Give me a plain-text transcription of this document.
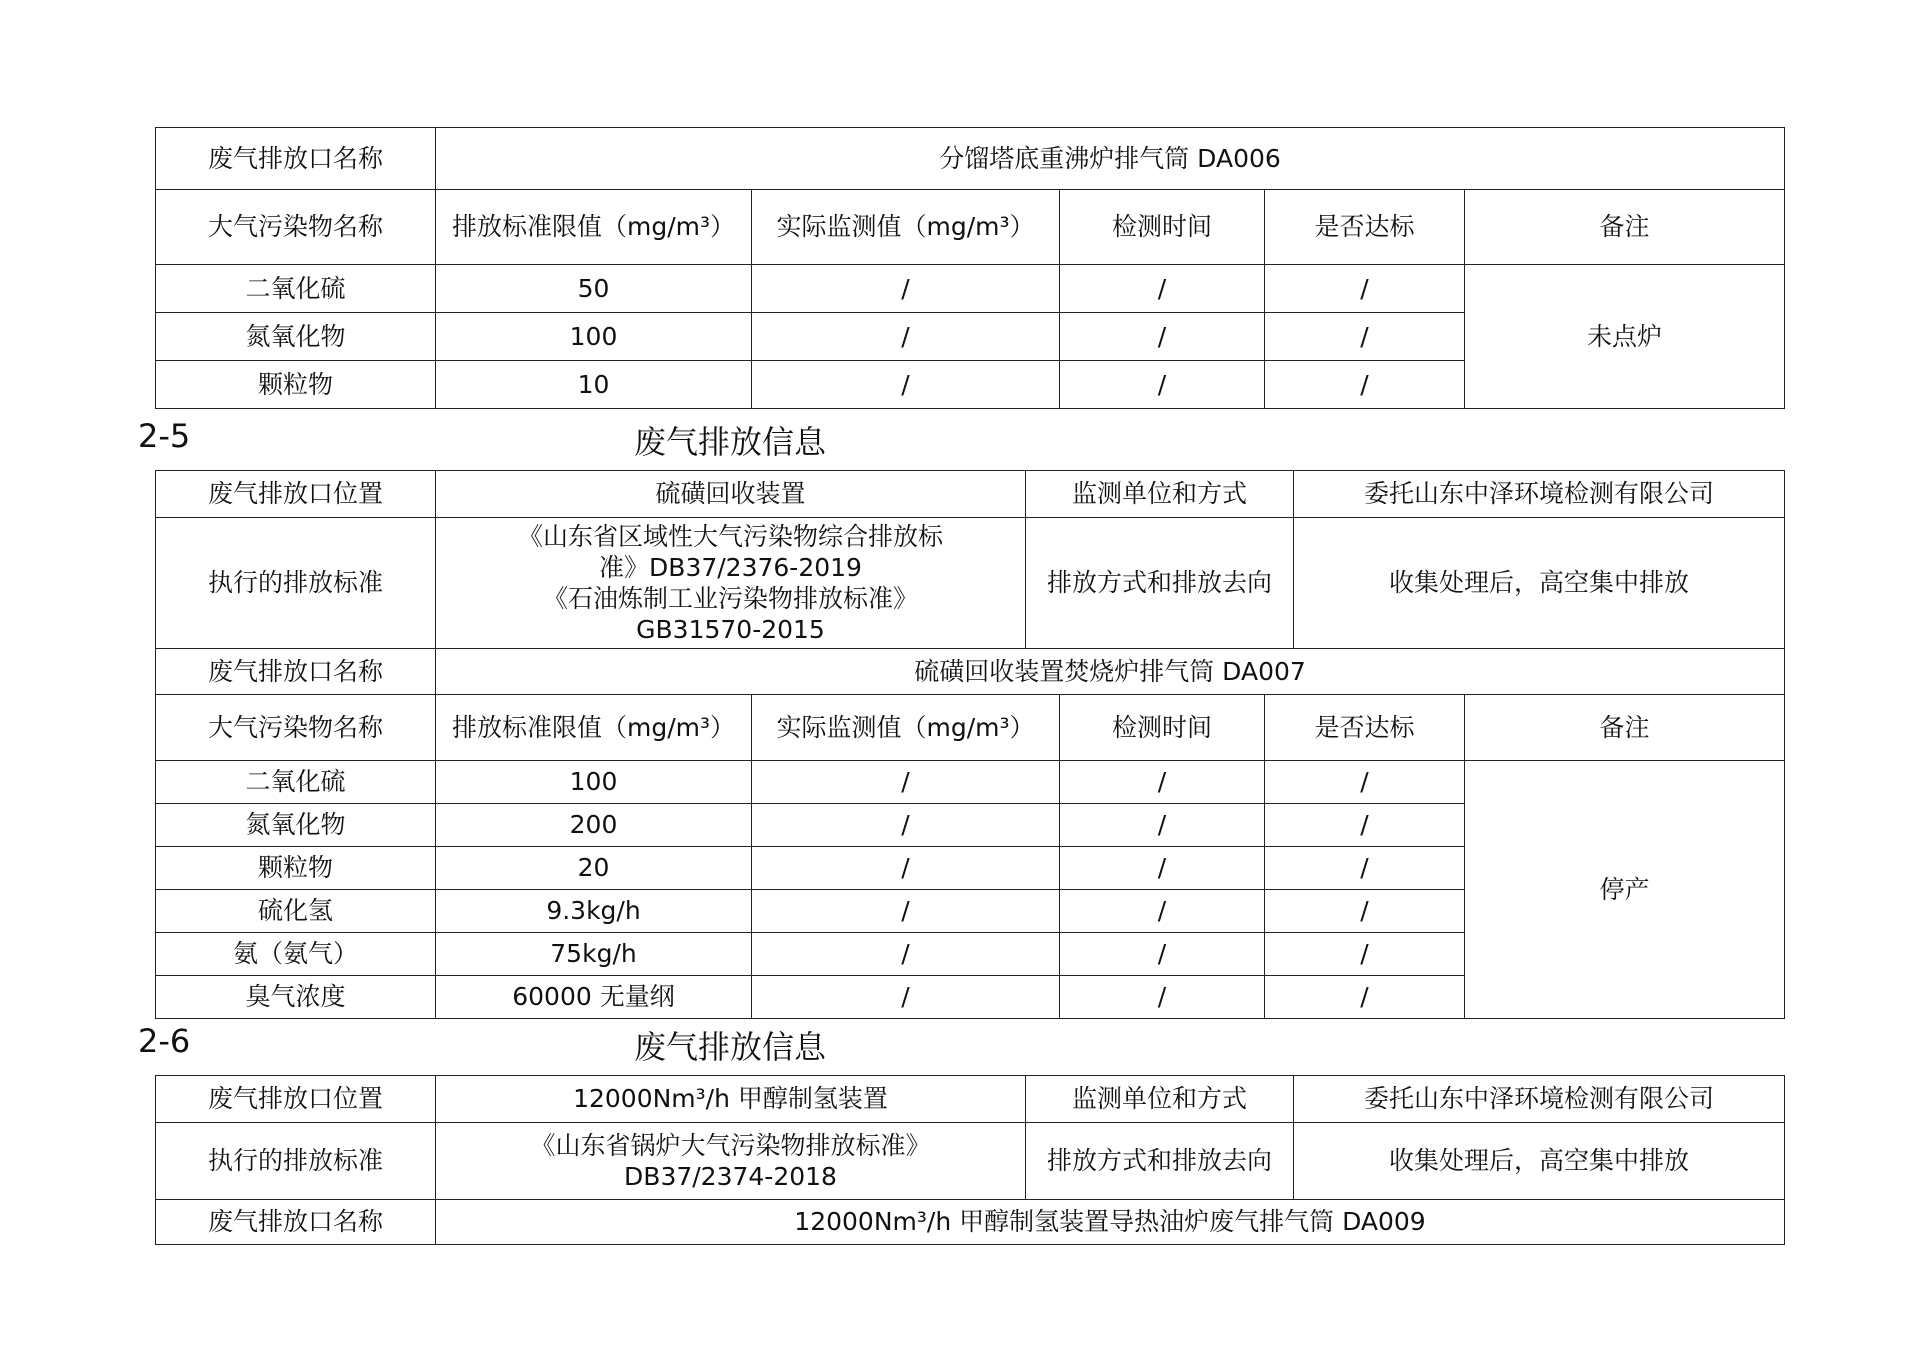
废气排放口名称	分馏塔底重沸炉排气筒 DA006				
大气污染物名称	排放标准限值（mg/m³）	实际监测值（mg/m³）	检测时间	是否达标	备注
二氧化硫	50	/	/	/	未点炉
氮氧化物	100	/	/	/	
颗粒物	10	/	/	/	
2-5	废气排放信息
废气排放口位置	硫磺回收装置	监测单位和方式	委托山东中泽环境检测有限公司
执行的排放标准	《山东省区域性大气污染物综合排放标
准》DB37/2376-2019
《石油炼制工业污染物排放标准》
GB31570-2015	排放方式和排放去向	收集处理后，高空集中排放
废气排放口名称	硫磺回收装置焚烧炉排气筒 DA007		
大气污染物名称	排放标准限值（mg/m³）	实际监测值（mg/m³）	检测时间	是否达标	备注
二氧化硫	100	/	/	/	停产
氮氧化物	200	/	/	/	
颗粒物	20	/	/	/	
硫化氢	9.3kg/h	/	/	/	
氨（氨气）	75kg/h	/	/	/	
臭气浓度	60000 无量纲	/	/	/	
2-6	废气排放信息
废气排放口位置	12000Nm³/h 甲醇制氢装置	监测单位和方式	委托山东中泽环境检测有限公司
执行的排放标准	《山东省锅炉大气污染物排放标准》
DB37/2374-2018	排放方式和排放去向	收集处理后，高空集中排放
废气排放口名称	12000Nm³/h 甲醇制氢装置导热油炉废气排气筒 DA009		
